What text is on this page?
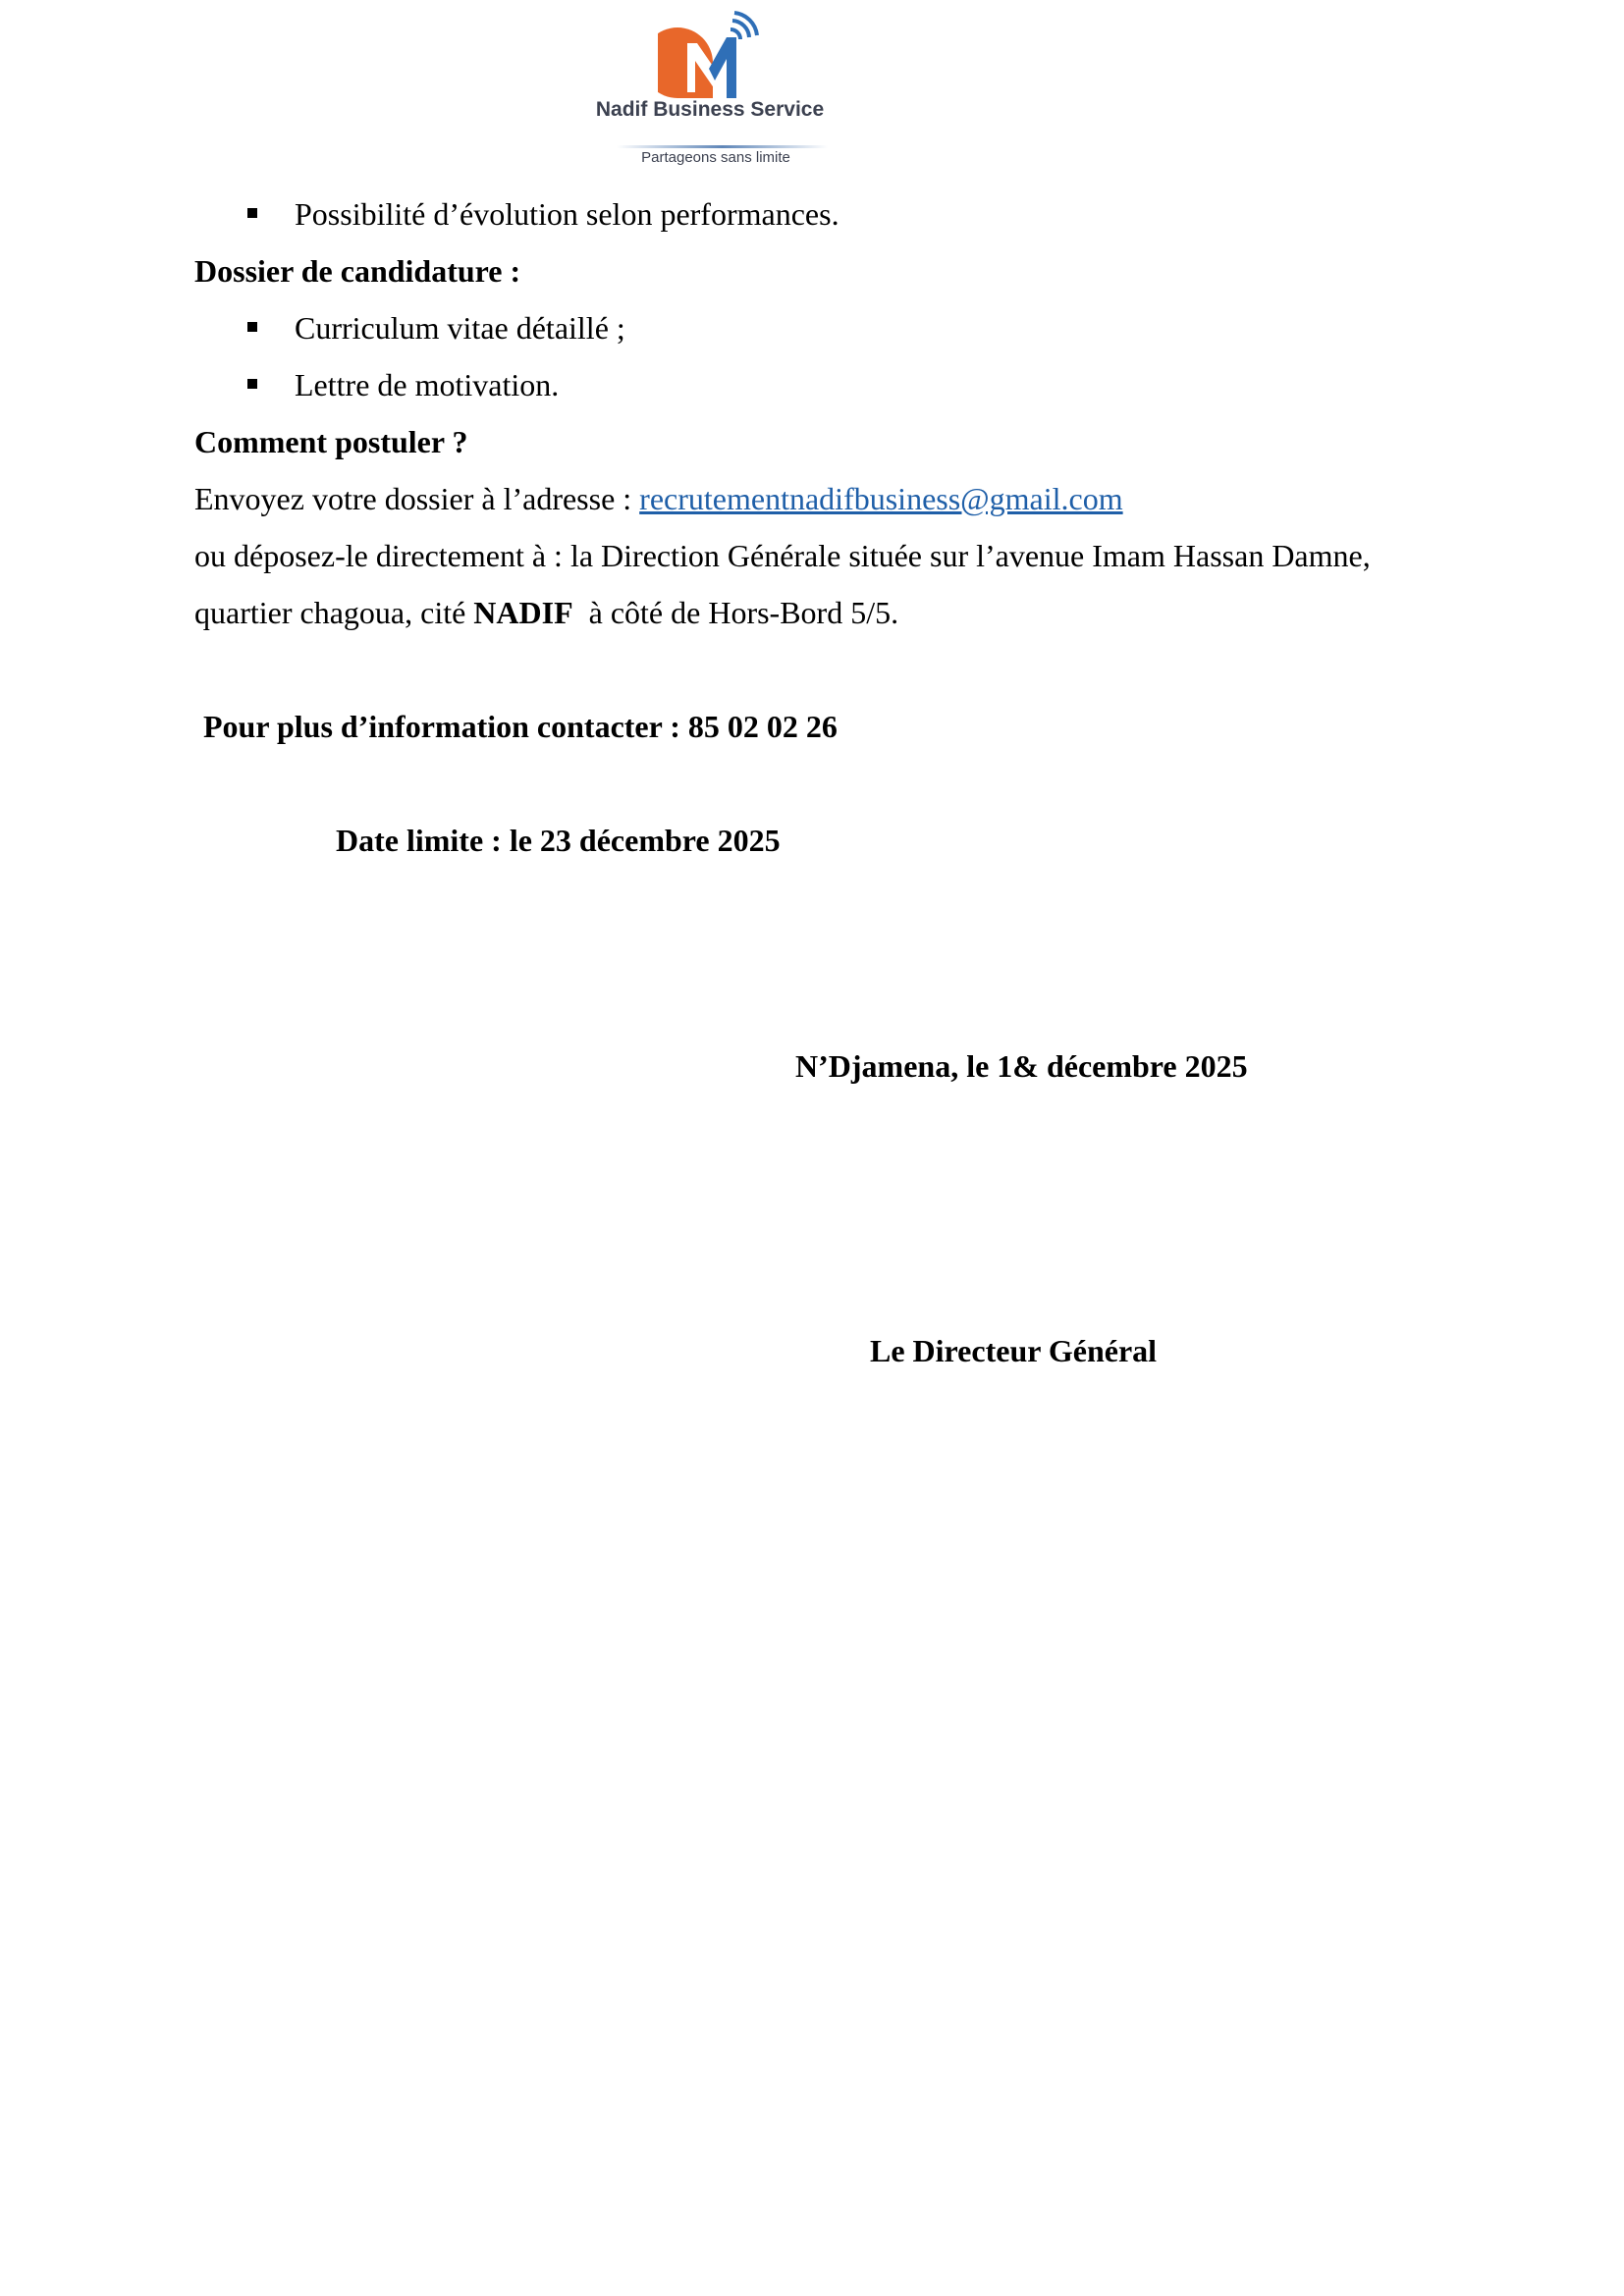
Nadif Business Service
Partageons sans limite
Possibilité d’évolution selon performances.
Dossier de candidature :
Curriculum vitae détaillé ;
Lettre de motivation.
Comment postuler ?
Envoyez votre dossier à l’adresse : recrutementnadifbusiness@gmail.com
ou déposez-le directement à : la Direction Générale située sur l’avenue Imam Hassan Damne,
quartier chagoua, cité NADIF  à côté de Hors-Bord 5/5.
Pour plus d’information contacter : 85 02 02 26
Date limite : le 23 décembre 2025
N’Djamena, le 1& décembre 2025
Le Directeur Général
